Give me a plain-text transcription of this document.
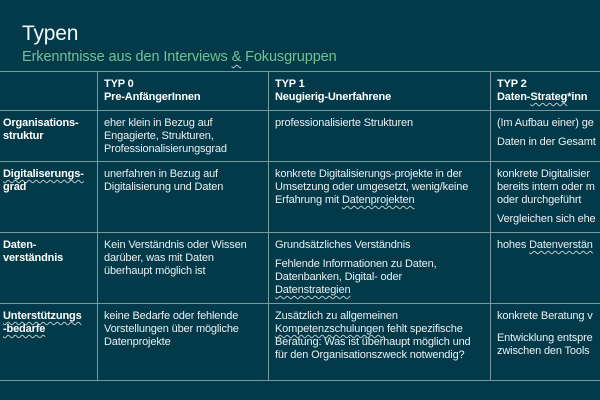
Typen
Erkenntnisse aus den Interviews & Fokusgruppen
TYP 0
Pre-AnfängerInnen
TYP 1
Neugierig-Unerfahrene
TYP 2
Daten-Strateg*inn
Organisations-
struktur

eher klein in Bezug auf Engagierte, Strukturen, Professionalisierungsgrad

professionalisierte Strukturen	(Im Aufbau einer) ge

Daten in der Gesamt

Digitaliserungs-
grad

unerfahren in Bezug auf Digitalisierung und Daten

konkrete Digitalisierungs-projekte in der Umsetzung oder umgesetzt, wenig/keine Erfahrung mit Datenprojekten

konkrete Digitalisier bereits intern oder m oder durchgeführt

Vergleichen sich ehe

Daten-
verständnis

Kein Verständnis oder Wissen darüber, was mit Daten überhaupt möglich ist

Grundsätzliches Verständnis

Fehlende Informationen zu Daten, Datenbanken, Digital- oder Datenstrategien

hohes Datenverstän

Unterstützungs
-bedarfe

keine Bedarfe oder fehlende Vorstellungen über mögliche Datenprojekte

Zusätzlich zu allgemeinen Kompetenzschulungen fehlt spezifische Beratung: Was ist überhaupt möglich und für den Organisationszweck notwendig?

konkrete Beratung v

Entwicklung entspre zwischen den Tools
